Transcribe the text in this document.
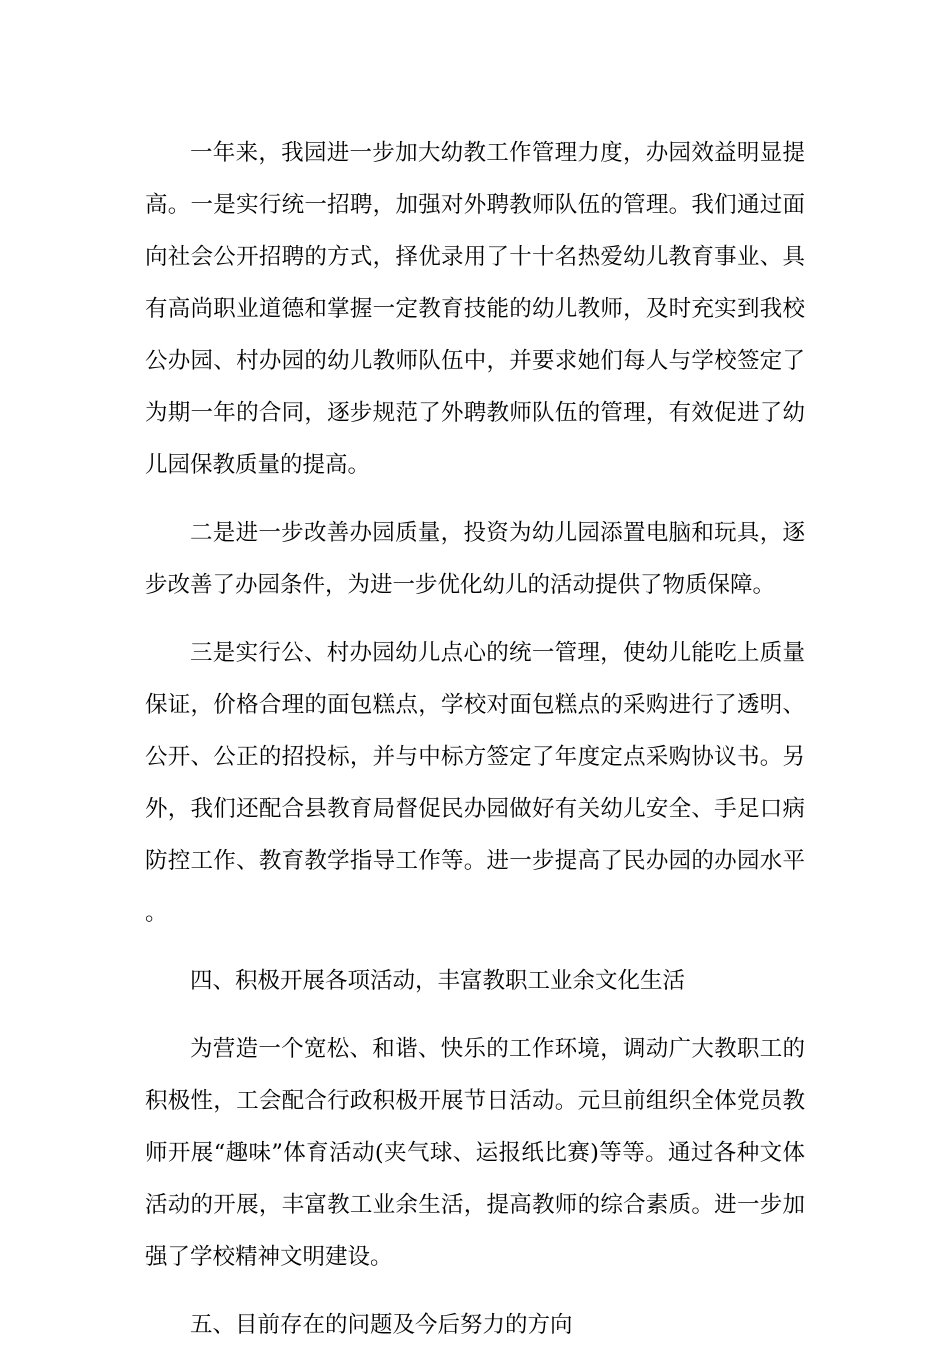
一年来，我园进一步加大幼教工作管理力度，办园效益明显提高。一是实行统一招聘，加强对外聘教师队伍的管理。我们通过面向社会公开招聘的方式，择优录用了十十名热爱幼儿教育事业、具有高尚职业道德和掌握一定教育技能的幼儿教师，及时充实到我校公办园、村办园的幼儿教师队伍中，并要求她们每人与学校签定了为期一年的合同，逐步规范了外聘教师队伍的管理，有效促进了幼儿园保教质量的提高。

二是进一步改善办园质量，投资为幼儿园添置电脑和玩具，逐步改善了办园条件，为进一步优化幼儿的活动提供了物质保障。

三是实行公、村办园幼儿点心的统一管理，使幼儿能吃上质量保证，价格合理的面包糕点，学校对面包糕点的采购进行了透明、公开、公正的招投标，并与中标方签定了年度定点采购协议书。另外，我们还配合县教育局督促民办园做好有关幼儿安全、手足口病防控工作、教育教学指导工作等。进一步提高了民办园的办园水平。

四、积极开展各项活动，丰富教职工业余文化生活

为营造一个宽松、和谐、快乐的工作环境，调动广大教职工的积极性，工会配合行政积极开展节日活动。元旦前组织全体党员教师开展“趣味”体育活动(夹气球、运报纸比赛)等等。通过各种文体活动的开展，丰富教工业余生活，提高教师的综合素质。进一步加强了学校精神文明建设。

五、目前存在的问题及今后努力的方向
